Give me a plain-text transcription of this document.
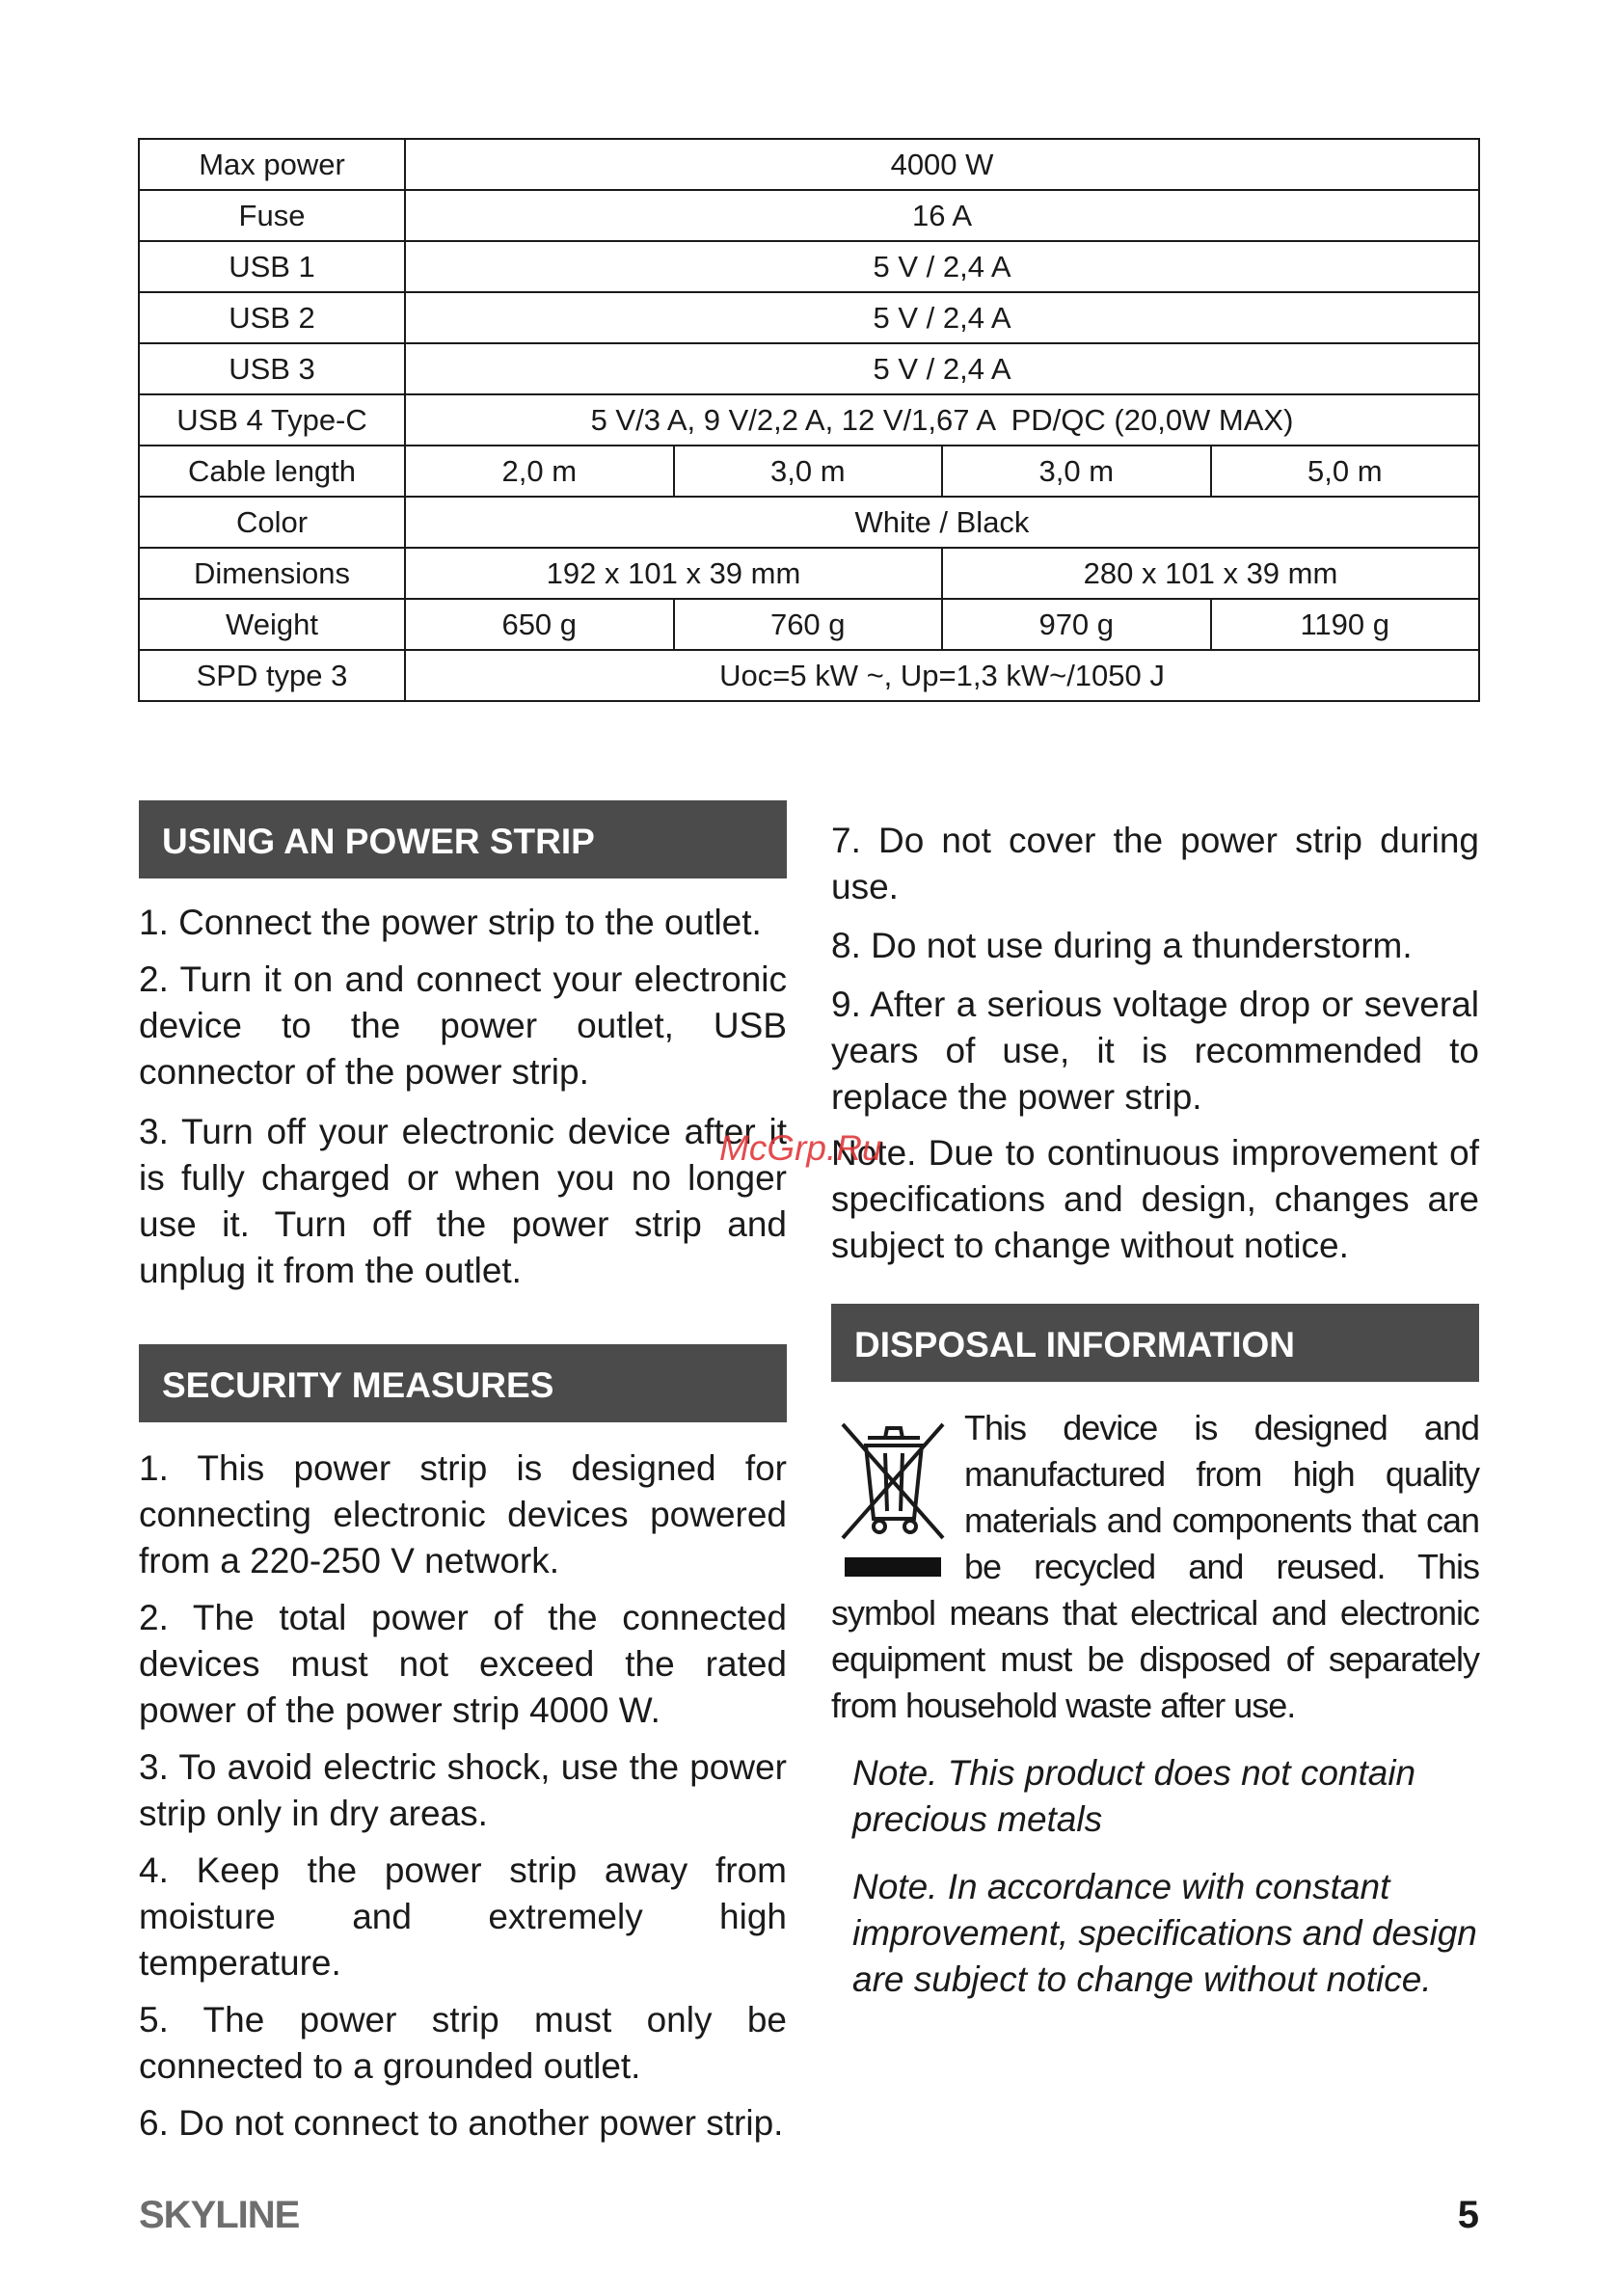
Max power	4000 W			
Fuse	16 A			
USB 1	5 V / 2,4 A			
USB 2	5 V / 2,4 A			
USB 3	5 V / 2,4 A			
USB 4 Type-C	5 V/3 A, 9 V/2,2 A, 12 V/1,67 A  PD/QC (20,0W MAX)			
Cable length	2,0 m	3,0 m	3,0 m	5,0 m
Color	White / Black			
Dimensions	192 x 101 x 39 mm		280 x 101 x 39 mm	
Weight	650 g	760 g	970 g	1190 g
SPD type 3	Uoc=5 kW ~, Up=1,3 kW~/1050 J			
USING AN POWER STRIP

1. Connect the power strip to the outlet.

2. Turn it on and connect your electronic device to the power outlet, USB connector of the power strip.

3. Turn off your electronic device after it is fully charged or when you no longer use it. Turn off the power strip and unplug it from the outlet.

SECURITY MEASURES

1. This power strip is designed for connecting electronic devices powered from a 220-250 V network.

2. The total power of the connected devices must not exceed the rated power of the power strip 4000 W.

3. To avoid electric shock, use the power strip only in dry areas.

4. Keep the power strip away from moisture and extremely high temperature.

5. The power strip must only be connected to a grounded outlet.

6. Do not connect to another power strip.

7. Do not cover the power strip during use.

8. Do not use during a thunderstorm.

9. After a serious voltage drop or several years of use, it is recommended to replace the power strip.

Note. Due to continuous improvement of specifications and design, changes are subject to change without notice.

DISPOSAL INFORMATION
This device is designed and manufactured from high quality materials and components that can be recycled and reused. This symbol means that electrical and electronic equipment must be disposed of separately from household waste after use.

Note. This product does not contain precious metals

Note. In accordance with constant improvement, specifications and design are subject to change without notice.

McGrp.Ru
SKYLINE	5
